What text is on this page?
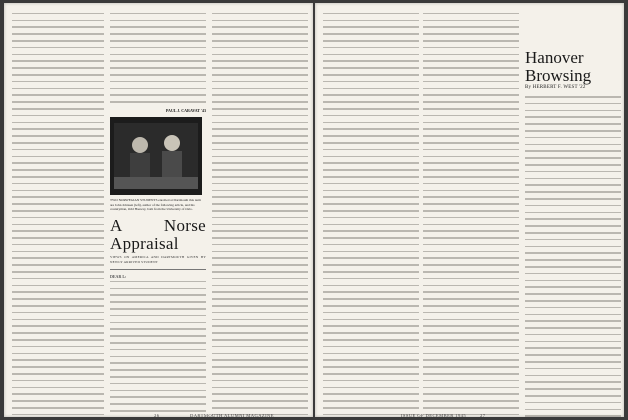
PAUL J. CARAVAT '43
TWO NORWEGIAN STUDENTS enrolled at Dartmouth this term are John Johnsen (left), author of the following article, and his countryman, Odd Haaway, both from the University of Oslo.
A Norse Appraisal
VIEWS ON AMERICA AND DARTMOUTH GIVEN BY NEWLY ARRIVED STUDENT
DEAR L:
26	DARTMOUTH ALUMNI MAGAZINE
Hanover Browsing
By HERBERT F. WEST '22
ISSUE OF DECEMBER 1945	27
